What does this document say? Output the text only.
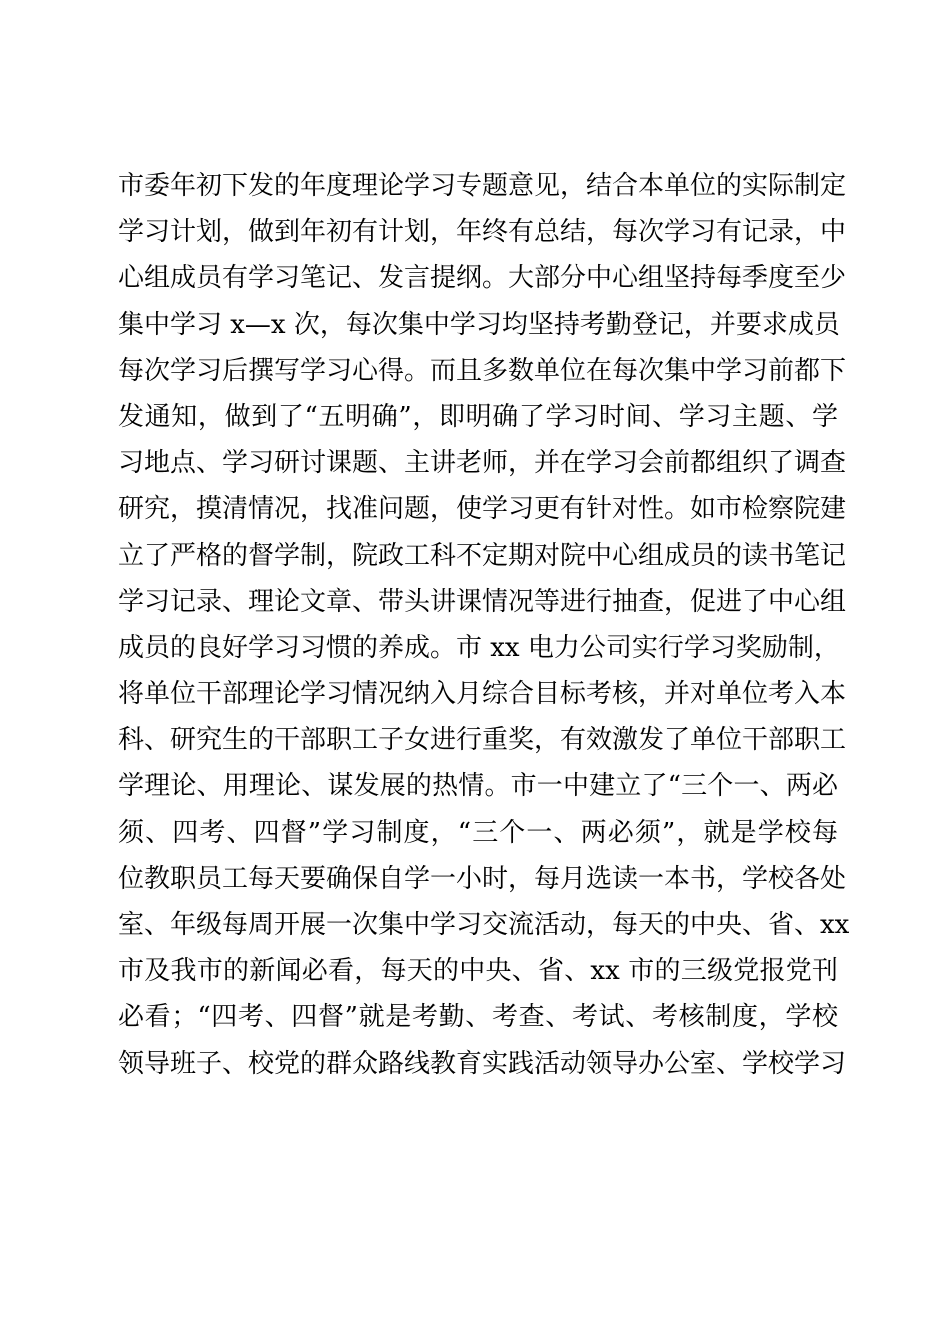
市委年初下发的年度理论学习专题意见，结合本单位的实际制定
学习计划，做到年初有计划，年终有总结，每次学习有记录，中
心组成员有学习笔记、发言提纲。大部分中心组坚持每季度至少
集中学习 x—x 次，每次集中学习均坚持考勤登记，并要求成员
每次学习后撰写学习心得。而且多数单位在每次集中学习前都下
发通知，做到了“五明确”，即明确了学习时间、学习主题、学
习地点、学习研讨课题、主讲老师，并在学习会前都组织了调查
研究，摸清情况，找准问题，使学习更有针对性。如市检察院建
立了严格的督学制，院政工科不定期对院中心组成员的读书笔记
学习记录、理论文章、带头讲课情况等进行抽查，促进了中心组
成员的良好学习习惯的养成。市 xx 电力公司实行学习奖励制，
将单位干部理论学习情况纳入月综合目标考核，并对单位考入本
科、研究生的干部职工子女进行重奖，有效激发了单位干部职工
学理论、用理论、谋发展的热情。市一中建立了“三个一、两必
须、四考、四督”学习制度，“三个一、两必须”，就是学校每
位教职员工每天要确保自学一小时，每月选读一本书，学校各处
室、年级每周开展一次集中学习交流活动，每天的中央、省、xx
市及我市的新闻必看，每天的中央、省、xx 市的三级党报党刊
必看；“四考、四督”就是考勤、考查、考试、考核制度，学校
领导班子、校党的群众路线教育实践活动领导办公室、学校学习
